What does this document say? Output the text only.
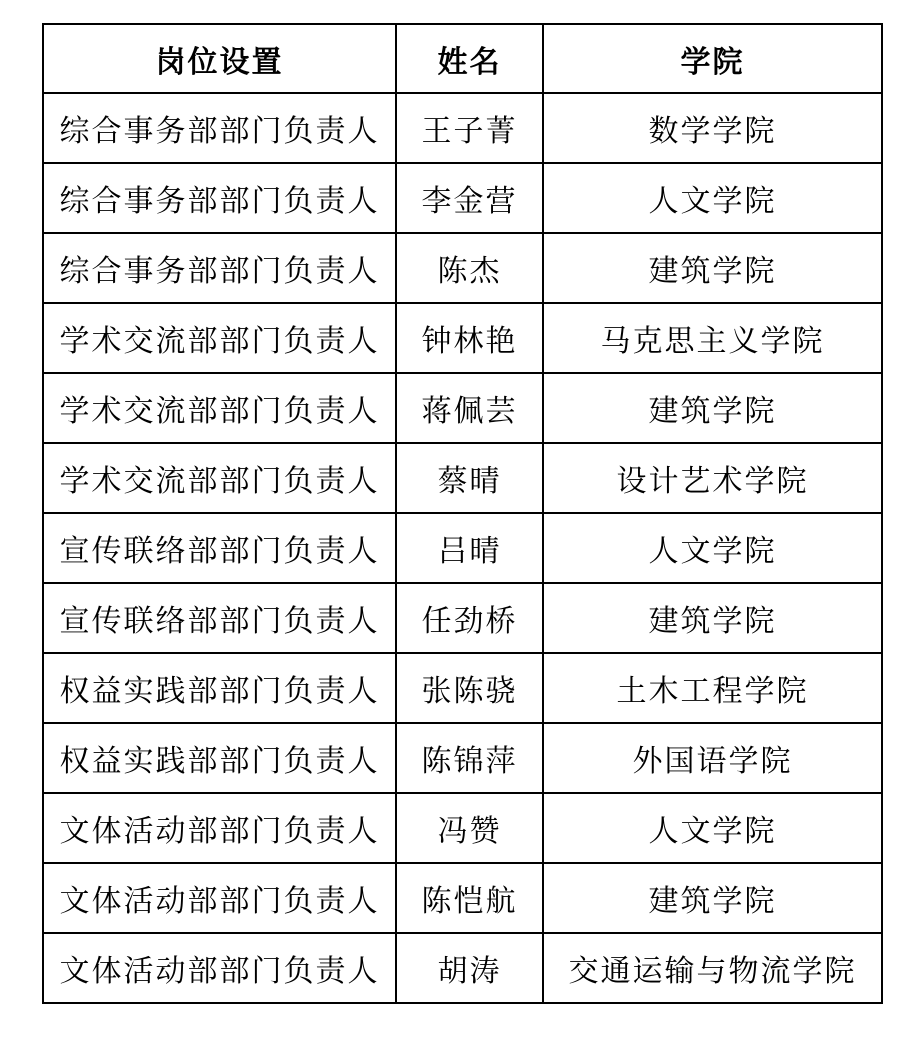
岗位设置	姓名	学院
综合事务部部门负责人	王子菁	数学学院
综合事务部部门负责人	李金营	人文学院
综合事务部部门负责人	陈杰	建筑学院
学术交流部部门负责人	钟林艳	马克思主义学院
学术交流部部门负责人	蒋佩芸	建筑学院
学术交流部部门负责人	蔡晴	设计艺术学院
宣传联络部部门负责人	吕晴	人文学院
宣传联络部部门负责人	任劲桥	建筑学院
权益实践部部门负责人	张陈骁	土木工程学院
权益实践部部门负责人	陈锦萍	外国语学院
文体活动部部门负责人	冯赞	人文学院
文体活动部部门负责人	陈恺航	建筑学院
文体活动部部门负责人	胡涛	交通运输与物流学院
